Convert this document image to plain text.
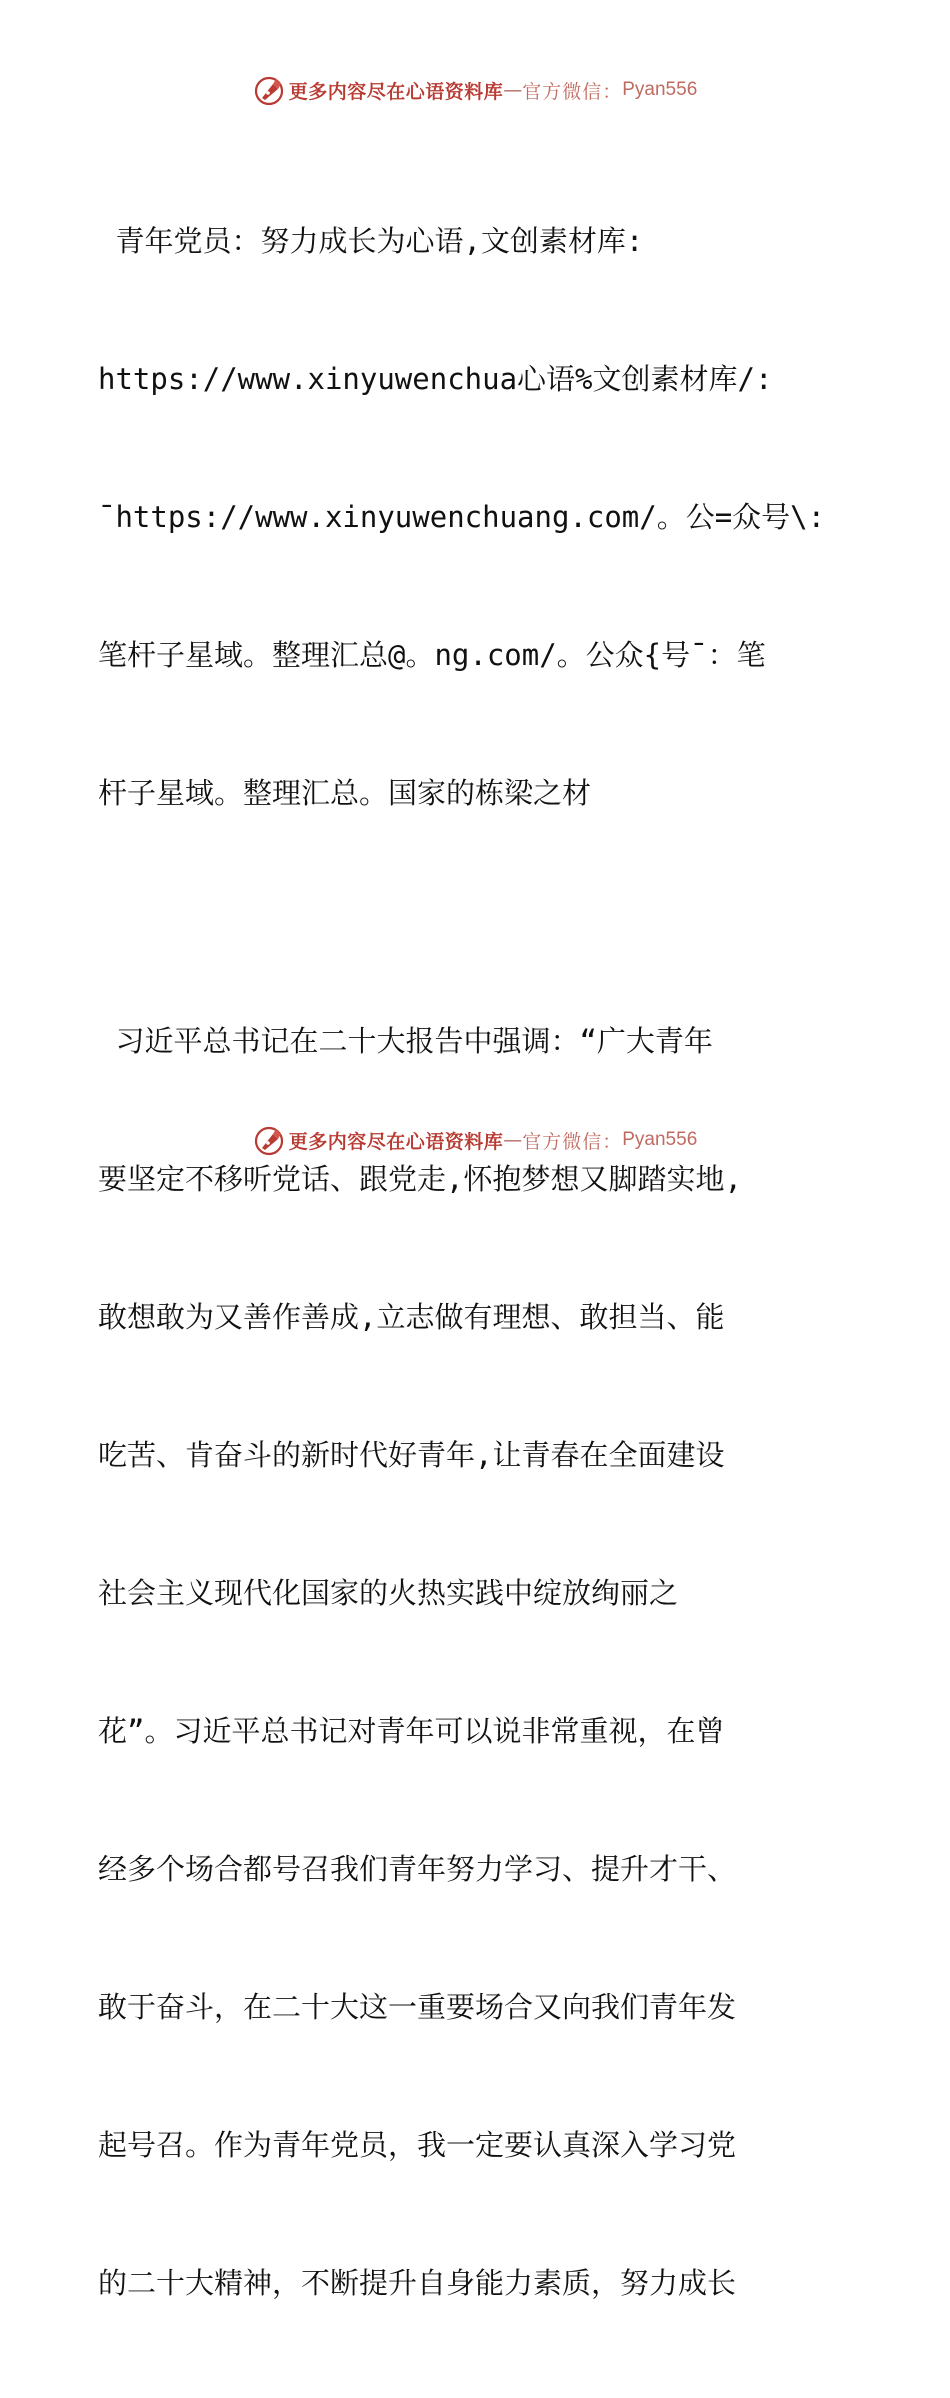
更多内容尽在心语资料库 — 官方微信： Pyan556

青年党员：努力成长为心语,文创素材库:

https://www.xinyuwenchua心语%文创素材库/:

¯https://www.xinyuwenchuang.com/。公=众号\:

笔杆子星域。整理汇总@。ng.com/。公众{号¯：笔

杆子星域。整理汇总。国家的栋梁之材

习近平总书记在二十大报告中强调：“广大青年

要坚定不移听党话、跟党走,怀抱梦想又脚踏实地,

敢想敢为又善作善成,立志做有理想、敢担当、能

吃苦、肯奋斗的新时代好青年,让青春在全面建设

社会主义现代化国家的火热实践中绽放绚丽之

花”。习近平总书记对青年可以说非常重视，在曾

经多个场合都号召我们青年努力学习、提升才干、

敢于奋斗，在二十大这一重要场合又向我们青年发

起号召。作为青年党员，我一定要认真深入学习党

的二十大精神，不断提升自身能力素质，努力成长

更多内容尽在心语资料库 — 官方微信： Pyan556
